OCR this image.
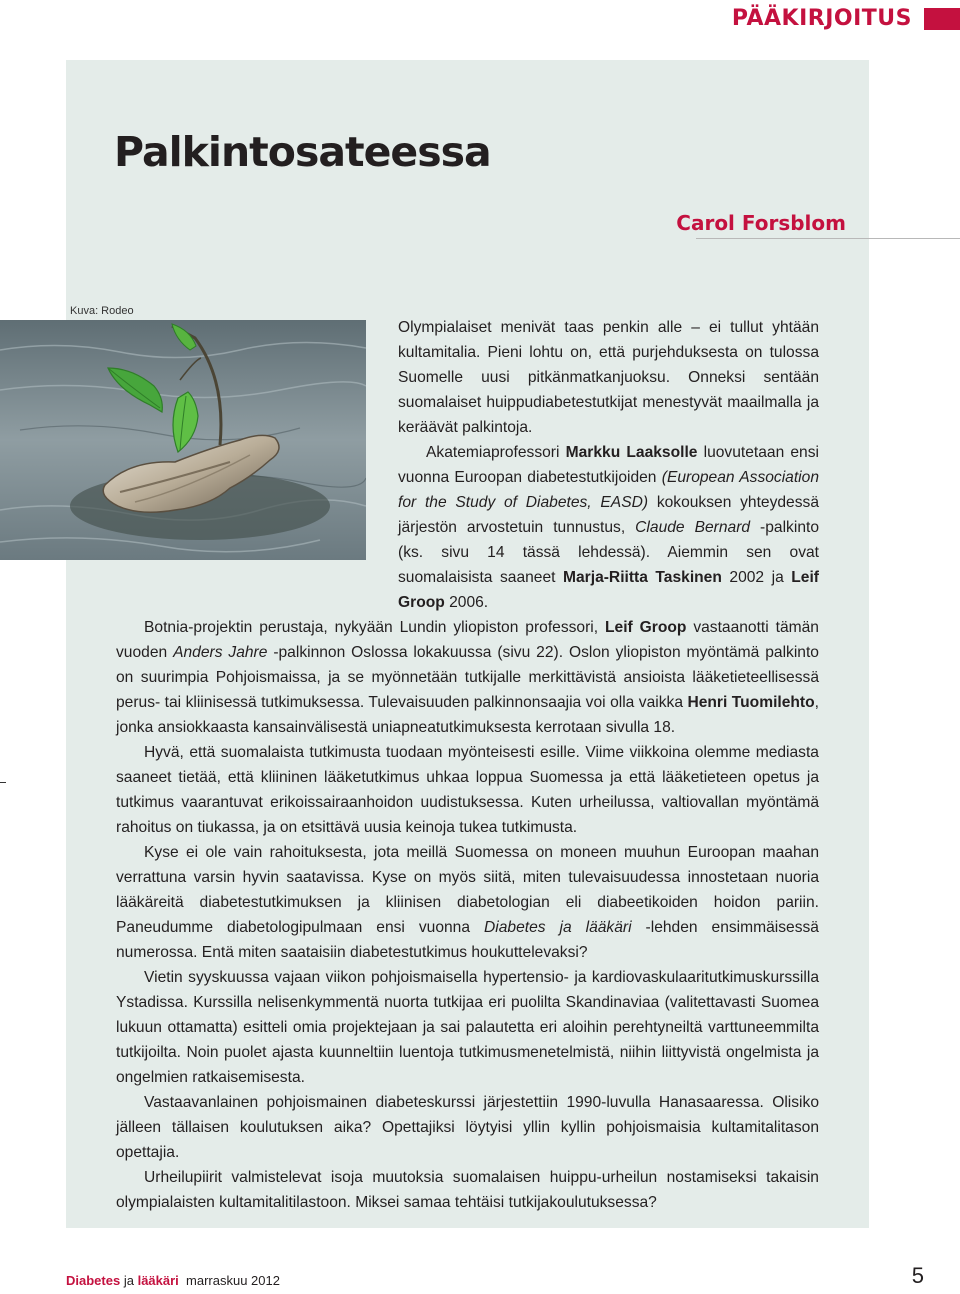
PÄÄKIRJOITUS
Palkintosateessa
Carol Forsblom
Kuva: Rodeo

Olympialaiset menivät taas penkin alle – ei tullut yhtään kultamitalia. Pieni lohtu on, että purjehduksesta on tulossa Suomelle uusi pitkänmatkanjuoksu. Onneksi sentään suomalaiset huippudiabetestutkijat menestyvät maailmalla ja keräävät palkintoja.

Akatemiaprofessori Markku Laaksolle luovutetaan ensi vuonna Euroopan diabetestutkijoiden (European Association for the Study of Diabetes, EASD) kokouksen yhteydessä järjestön arvostetuin tunnustus, Claude Bernard -palkinto (ks. sivu 14 tässä lehdessä). Aiemmin sen ovat suomalaisista saaneet Marja-Riitta Taskinen 2002 ja Leif Groop 2006.

Botnia-projektin perustaja, nykyään Lundin yliopiston professori, Leif Groop vastaanotti tämän vuoden Anders Jahre -palkinnon Oslossa lokakuussa (sivu 22). Oslon yliopiston myöntämä palkinto on suurimpia Pohjoismaissa, ja se myönnetään tutkijalle merkittävistä ansioista lääketieteellisessä perus- tai kliinisessä tutkimuksessa. Tulevaisuuden palkinnonsaajia voi olla vaikka Henri Tuomilehto, jonka ansiokkaasta kansainvälisestä uniapneatutkimuksesta kerrotaan sivulla 18.

Hyvä, että suomalaista tutkimusta tuodaan myönteisesti esille. Viime viikkoina olemme mediasta saaneet tietää, että kliininen lääketutkimus uhkaa loppua Suomessa ja että lääketieteen opetus ja tutkimus vaarantuvat erikoissairaanhoidon uudistuksessa. Kuten urheilussa, valtiovallan myöntämä rahoitus on tiukassa, ja on etsittävä uusia keinoja tukea tutkimusta.

Kyse ei ole vain rahoituksesta, jota meillä Suomessa on moneen muuhun Euroopan maahan verrattuna varsin hyvin saatavissa. Kyse on myös siitä, miten tulevaisuudessa innostetaan nuoria lääkäreitä diabetestutkimuksen ja kliinisen diabetologian eli diabeetikoiden hoidon pariin. Paneudumme diabetologipulmaan ensi vuonna Diabetes ja lääkäri -lehden ensimmäisessä numerossa. Entä miten saataisiin diabetestutkimus houkuttelevaksi?

Vietin syyskuussa vajaan viikon pohjoismaisella hypertensio- ja kardiovaskulaaritutkimuskurssilla Ystadissa. Kurssilla nelisenkymmentä nuorta tutkijaa eri puolilta Skandinaviaa (valitettavasti Suomea lukuun ottamatta) esitteli omia projektejaan ja sai palautetta eri aloihin perehtyneiltä varttuneemmilta tutkijoilta. Noin puolet ajasta kuunneltiin luentoja tutkimusmenetelmistä, niihin liittyvistä ongelmista ja ongelmien ratkaisemisesta.

Vastaavanlainen pohjoismainen diabeteskurssi järjestettiin 1990-luvulla Hanasaaressa. Olisiko jälleen tällaisen koulutuksen aika? Opettajiksi löytyisi yllin kyllin pohjoismaisia kultamitalitason opettajia.

Urheilupiirit valmistelevat isoja muutoksia suomalaisen huippu-urheilun nostamiseksi takaisin olympialaisten kultamitalitilastoon. Miksei samaa tehtäisi tutkijakoulutuksessa?

Diabetes ja lääkäri marraskuu 2012	5
